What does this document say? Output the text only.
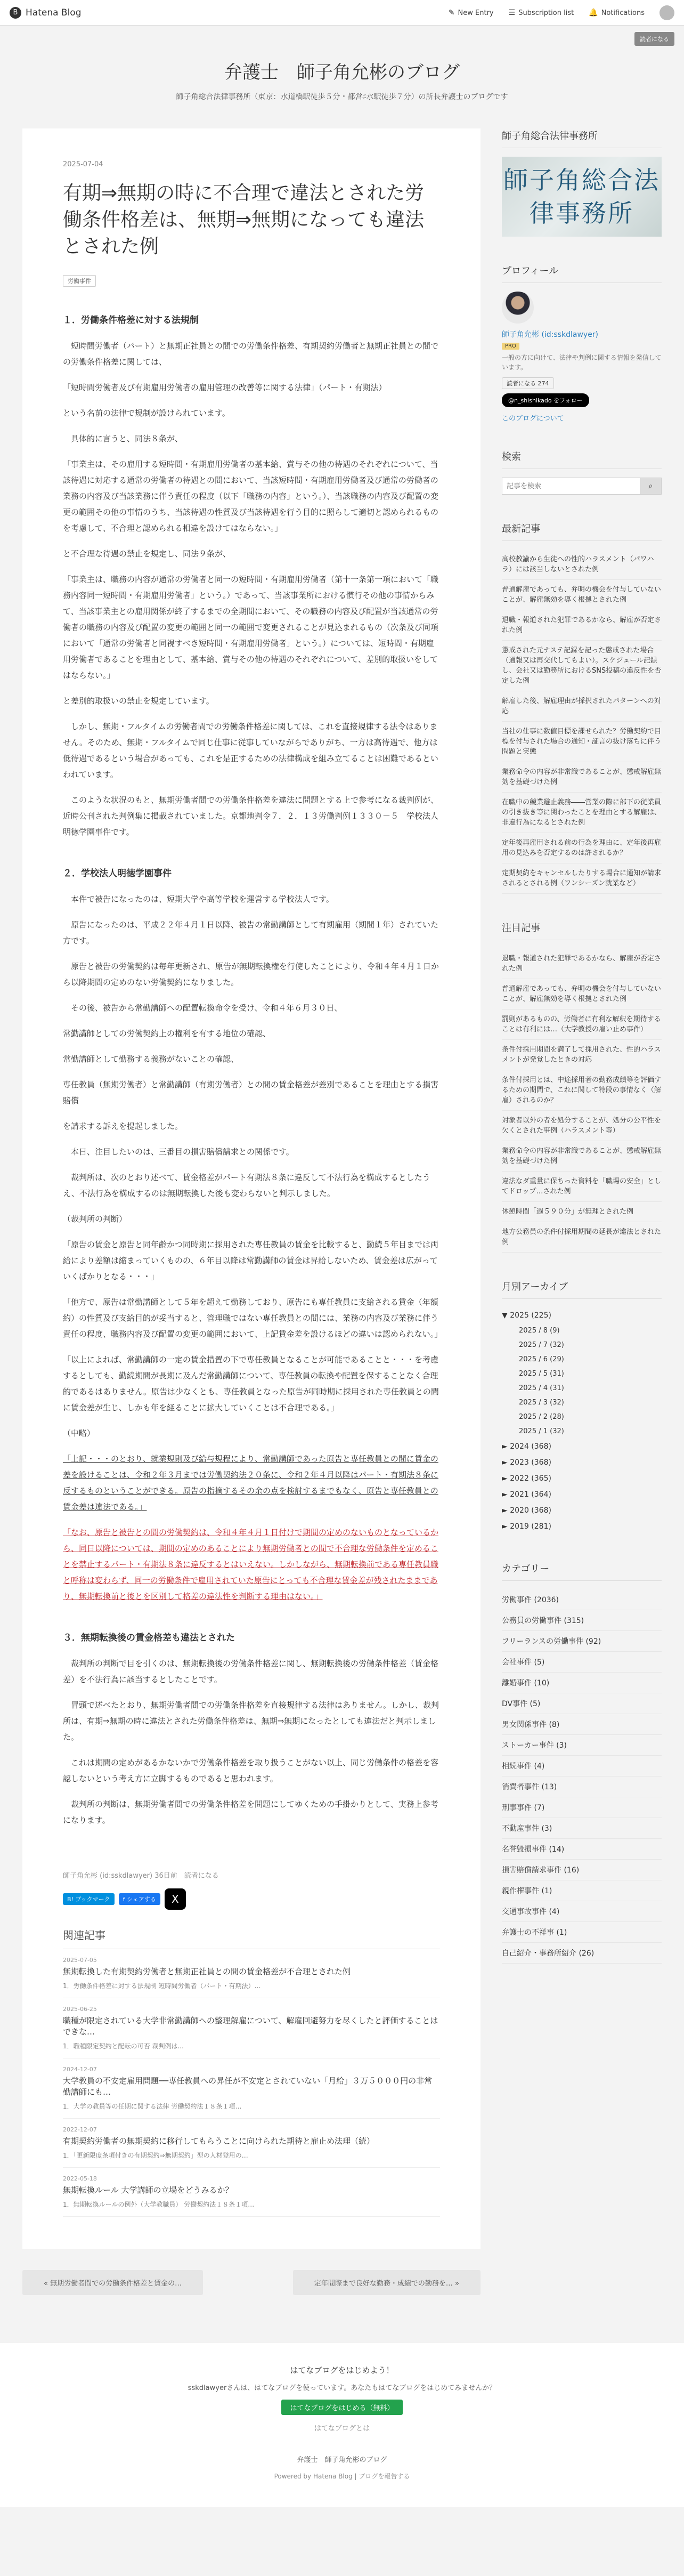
B Hatena Blog	✎ New Entry ☰ Subscription list 🔔 Notifications
読者になる
弁護士　師子角允彬のブログ
師子角総合法律事務所（東京：水道橋駅徒歩５分・都営ﾆ水駅徒歩７分）の所長弁護士のブログです
2025-07-04
有期⇒無期の時に不合理で違法とされた労働条件格差は、無期⇒無期になっても違法とされた例
労働事件
１．労働条件格差に対する法規制

　短時間労働者（パート）と無期正社員との間での労働条件格差、有期契約労働者と無期正社員との間での労働条件格差に関しては、

「短時間労働者及び有期雇用労働者の雇用管理の改善等に関する法律」（パート・有期法）

という名前の法律で規制が設けられています。

　具体的に言うと、同法８条が、

「事業主は、その雇用する短時間・有期雇用労働者の基本給、賞与その他の待遇のそれぞれについて、当該待遇に対応する通常の労働者の待遇との間において、当該短時間・有期雇用労働者及び通常の労働者の業務の内容及び当該業務に伴う責任の程度（以下「職務の内容」という。）、当該職務の内容及び配置の変更の範囲その他の事情のうち、当該待遇の性質及び当該待遇を行う目的に照らして適切と認められるものを考慮して、不合理と認められる相違を設けてはならない。」

と不合理な待遇の禁止を規定し、同法９条が、

「事業主は、職務の内容が通常の労働者と同一の短時間・有期雇用労働者（第十一条第一項において「職務内容同一短時間・有期雇用労働者」という。）であって、当該事業所における慣行その他の事情からみて、当該事業主との雇用関係が終了するまでの全期間において、その職務の内容及び配置が当該通常の労働者の職務の内容及び配置の変更の範囲と同一の範囲で変更されることが見込まれるもの（次条及び同項において「通常の労働者と同視すべき短時間・有期雇用労働者」という。）については、短時間・有期雇用労働者であることを理由として、基本給、賞与その他の待遇のそれぞれについて、差別的取扱いをしてはならない。」

と差別的取扱いの禁止を規定しています。

　しかし、無期・フルタイムの労働者間での労働条件格差に関しては、これを直接規律する法令はありません。そのため、無期・フルタイムで同じ仕事に従事していながらでありがち、一方は高待遇で、他方は低待遇であるという場合があっても、これを是正するための法律構成を組み立てることは困難であるといわれています。

　このような状況のもと、無期労働者間での労働条件格差を違法に問題とする上で参考になる裁判例が、近時公刊された判例集に掲載されていました。京都地判令７．２．１３労働判例１３３０－５　学校法人明徳学園事件です。

２．学校法人明徳学園事件

　本件で被告になったのは、短期大学や高等学校を運営する学校法人です。

　原告になったのは、平成２２年４月１日以降、被告の常勤講師として有期雇用（期間１年）されていた方です。

　原告と被告の労働契約は毎年更新され、原告が無期転換権を行使したことにより、令和４年４月１日から以降期間の定めのない労働契約になりました。

　その後、被告から常勤講師への配置転換命令を受け、令和４年６月３０日、

常勤講師としての労働契約上の権利を有する地位の確認、

常勤講師として勤務する義務がないことの確認、

専任教員（無期労働者）と常勤講師（有期労働者）との間の賃金格差が差別であることを理由とする損害賠償

を請求する訴えを提起しました。

　本日、注目したいのは、三番目の損害賠償請求との関係です。

　裁判所は、次のとおり述べて、賃金格差がパート有期法８条に違反して不法行為を構成するとしたうえ、不法行為を構成するのは無期転換した後も変わらないと判示しました。

（裁判所の判断）

「原告の賃金と原告と同年齢かつ同時期に採用された専任教員の賃金を比較すると、勤続５年目までは両給により差額は縮まっていくものの、６年目以降は常勤講師の賃金は昇給しないため、賃金差は広がっていくばかりとなる・・・」

「他方で、原告は常勤講師として５年を超えて勤務しており、原告にも専任教員に支給される賃金（年額約）の性質及び支給目的が妥当すると、管理職ではない専任教員との間には、業務の内容及び業務に伴う責任の程度、職務内容及び配置の変更の範囲において、上記賃金差を設けるほどの違いは認められない。」

「以上によれば、常勤講師の一定の賃金措置の下で専任教員となることが可能であることと・・・を考慮するとしても、勤続期間が長期に及んだ常勤講師について、専任教員の転換や配置を保することなく合理的であるはありません。原告は少なくとも、専任教員となった原告が同時期に採用された専任教員との間に賃金差が生じ、しかも年を経ることに拡大していくことは不合理である。」

（中略）

「上記・・・のとおり、就業規則及び給与規程により、常勤講師であった原告と専任教員との間に賃金の差を設けることは、令和２年３月までは労働契約法２０条に、令和２年４月以降はパート・有期法８条に反するものということができる。原告の指摘するその余の点を検討するまでもなく、原告と専任教員との賃金差は違法である。」

「なお、原告と被告との間の労働契約は、令和４年４月１日付けで期間の定めのないものとなっているから、同日以降については、期間の定めのあることにより無期労働者との間で不合理な労働条件を定めることを禁止するパート・有期法８条に違反するとはいえない。しかしながら、無期転換前である専任教員職と呼称は変わらず、同一の労働条件で雇用されていた原告にとっても不合理な賃金差が残されたままであり、無期転換前と後とを区別して格差の違法性を判断する理由はない。」

３．無期転換後の賃金格差も違法とされた

　裁判所の判断で目を引くのは、無期転換後の労働条件格差に関し、無期転換後の労働条件格差（賃金格差）を不法行為に該当するとしたことです。

　冒頭で述べたとおり、無期労働者間での労働条件格差を直接規律する法律はありません。しかし、裁判所は、有期⇒無期の時に違法とされた労働条件格差は、無期⇒無期になったとしても違法だと判示しました。

　これは期間の定めがあるかないかで労働条件格差を取り扱うことがない以上、同じ労働条件の格差を容認しないという考え方に立脚するものであると思われます。

　裁判所の判断は、無期労働者間での労働条件格差を問題にしてゆくための手掛かりとして、実務上参考になります。

師子角允彬 (id:sskdlawyer) 36日前　読者になる
B! ブックマーク	f シェアする	X
関連記事
2025-07-05
無期転換した有期契約労働者と無期正社員との間の賃金格差が不合理とされた例
1．労働条件格差に対する法規制 短時間労働者（パート・有期法）…
2025-06-25
職種が限定されている大学非常勤講師への整理解雇について、解雇回避努力を尽くしたと評価することはできな…
1．職種限定契約と配転の可否 裁判例は...
2024-12-07
大学教員の不安定雇用問題──専任教員への昇任が不安定とされていない「月給」３万５０００円の非常勤講師にも…
1．大学の教員等の任期に関する法律 労働契約法１８条１項…
2022-12-07
有期契約労働者の無期契約に移行してもらうことに向けられた期待と雇止め法理（続）
1．「更新限度条項付きの有期契約⇒無期契約」型の人材登用の…
2022-05-18
無期転換ルール 大学講師の立場をどうみるか？
1．無期転換ルールの例外（大学教職員） 労働契約法１８条１項…
« 無期労働者間での労働条件格差と賃金の…	定年間際まで良好な勤務・成績での勤務を… »
師子角総合法律事務所
師子角総合法律事務所
プロフィール
師子角允彬 (id:sskdlawyer)
PRO
一般の方に向けて、法律や判例に関する情報を発信しています。
読者になる 274
@n_shishikado をフォロー
このブログについて
検索
記事を検索
⌕
最新記事
高校教諭から生徒への性的ハラスメント（パワハラ）には該当しないとされた例
普通解雇であっても、弁明の機会を付与していないことが、解雇無効を導く根拠とされた例
退職・報道された犯罪であるかなら、解雇が否定された例
懲戒された元ナステ記録を記った懲戒された場合（通報又は再交代してもよい）。スケジュール記録し、会社又は勤務所におけるSNS投稿の違反性を否定した例
解雇した後、解雇理由が採択されたパターンへの対応
当社の仕事に数値目標を課せられた？労働契約で目標を付与された場合の通知・証言の抜け落ちに伴う問題と実態
業務命令の内容が非常識であることが、懲戒解雇無効を基礎づけた例
在職中の競業避止義務――営業の際に部下の従業員の引き抜き等に関わったことを理由とする解雇は、非違行為になるとされた例
定年後再雇用される前の行為を理由に、定年後再雇用の見込みを否定するのは許されるか？
定期契約をキャンセルしたりする場合に通知が請求されるとされる例（ワンシーズン就業など）
注目記事
退職・報道された犯罪であるかなら、解雇が否定された例
普通解雇であっても、弁明の機会を付与していないことが、解雇無効を導く根拠とされた例
罰則があるものの、労働者に有利な解釈を期待することは有利には…（大学教授の雇い止め事件）
条件付採用期間を満了して採用された、性的ハラスメントが発覚したときの対応
条件付採用とは、中途採用者の勤務成績等を評価するための期間で、これに関して特段の事情なく（解雇）されるのか？
対象者以外の者を処分することが、処分の公平性を欠くとされた事例（ハラスメント等）
業務命令の内容が非常識であることが、懲戒解雇無効を基礎づけた例
違法なダ重量に保ちった資料を「職場の安全」としてドロップ…された例
休憩時間「週５９０分」が無理とされた例
地方公務員の条件付採用期間の延長が違法とされた例
月別アーカイブ
▼ 2025 (225)
2025 / 8 (9)
2025 / 7 (32)
2025 / 6 (29)
2025 / 5 (31)
2025 / 4 (31)
2025 / 3 (32)
2025 / 2 (28)
2025 / 1 (32)
► 2024 (368)
► 2023 (368)
► 2022 (365)
► 2021 (364)
► 2020 (368)
► 2019 (281)
カテゴリー
労働事件 (2036)
公務員の労働事件 (315)
フリーランスの労働事件 (92)
会社事件 (5)
離婚事件 (10)
DV事件 (5)
男女関係事件 (8)
ストーカー事件 (3)
相続事件 (4)
消費者事件 (13)
刑事事件 (7)
不動産事件 (3)
名誉毀損事件 (14)
損害賠償請求事件 (16)
親作権事件 (1)
交通事故事件 (4)
弁護士の不祥事 (1)
自己紹介・事務所紹介 (26)
はてなブログをはじめよう！
sskdlawyerさんは、はてなブログを使っています。あなたもはてなブログをはじめてみませんか？
はてなブログをはじめる（無料）
はてなブログとは
弁護士　師子角允彬のブログ
Powered by Hatena Blog | ブログを報告する
